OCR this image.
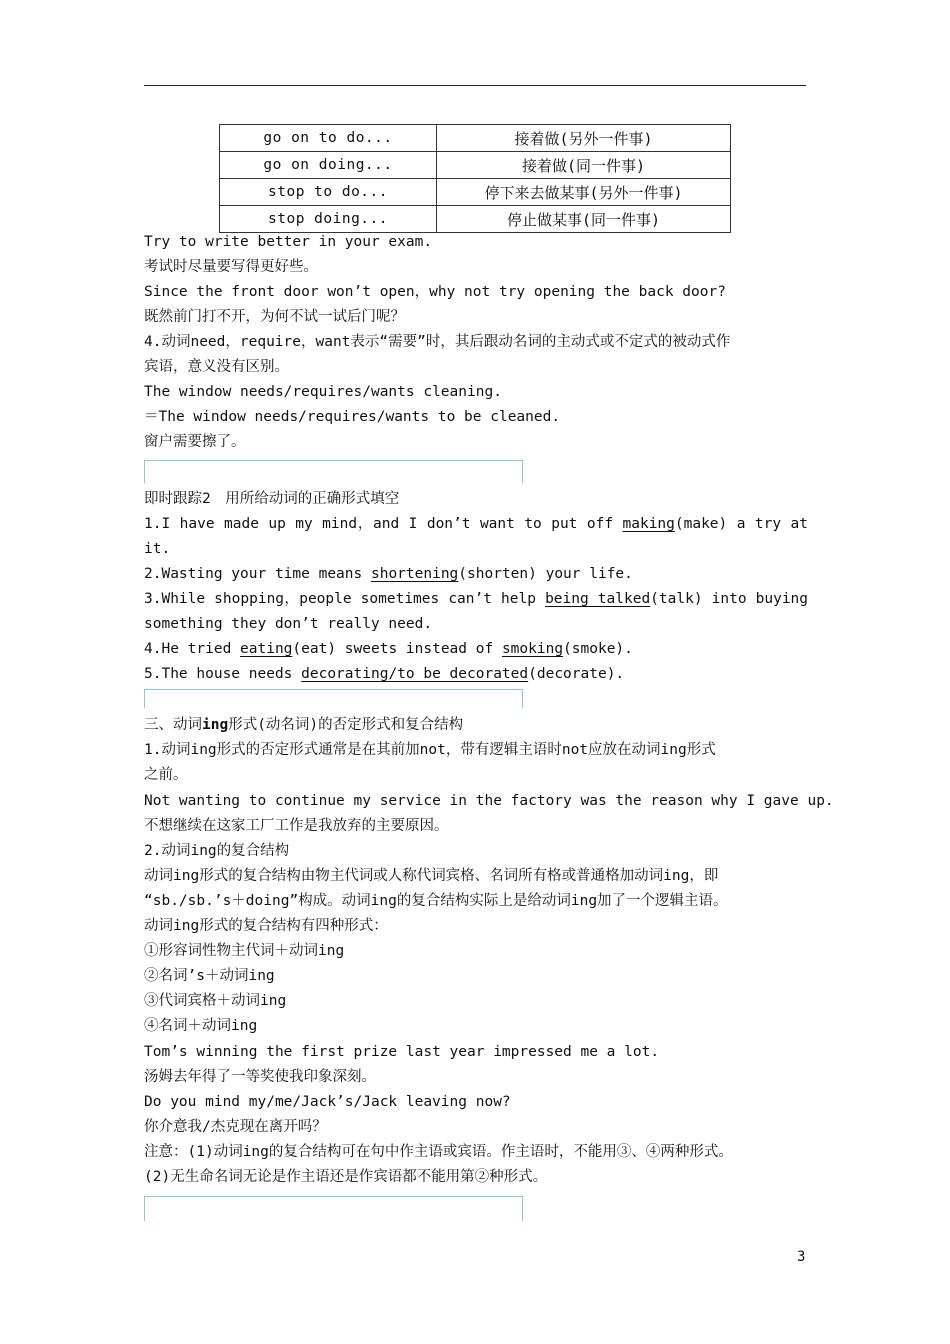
go on to do...	接着做(另外一件事)
go on doing...	接着做(同一件事)
stop to do...	停下来去做某事(另外一件事)
stop doing...	停止做某事(同一件事)
Try to write better in your exam.
考试时尽量要写得更好些。
Since the front door won’t open，why not try opening the back door?
既然前门打不开，为何不试一试后门呢？
4.动词need，require，want表示“需要”时，其后跟动名词的主动式或不定式的被动式作
宾语，意义没有区别。
The window needs/requires/wants cleaning.
＝The window needs/requires/wants to be cleaned.
窗户需要擦了。
即时跟踪2　用所给动词的正确形式填空
1.I have made up my mind，and I don’t want to put off making(make) a try at
it.
2.Wasting your time means shortening(shorten) your life.
3.While shopping，people sometimes can’t help being talked(talk) into buying
something they don’t really need.
4.He tried eating(eat) sweets instead of smoking(smoke).
5.The house needs decorating/to be decorated(decorate).
三、动词ing形式(动名词)的否定形式和复合结构
1.动词ing形式的否定形式通常是在其前加not，带有逻辑主语时not应放在动词ing形式
之前。
Not wanting to continue my service in the factory was the reason why I gave up.
不想继续在这家工厂工作是我放弃的主要原因。
2.动词ing的复合结构
动词ing形式的复合结构由物主代词或人称代词宾格、名词所有格或普通格加动词ing，即
“sb./sb.’s＋doing”构成。动词ing的复合结构实际上是给动词ing加了一个逻辑主语。
动词ing形式的复合结构有四种形式：
①形容词性物主代词＋动词ing
②名词’s＋动词ing
③代词宾格＋动词ing
④名词＋动词ing
Tom’s winning the first prize last year impressed me a lot.
汤姆去年得了一等奖使我印象深刻。
Do you mind my/me/Jack’s/Jack leaving now?
你介意我/杰克现在离开吗？
注意：(1)动词ing的复合结构可在句中作主语或宾语。作主语时，不能用③、④两种形式。
(2)无生命名词无论是作主语还是作宾语都不能用第②种形式。
3
